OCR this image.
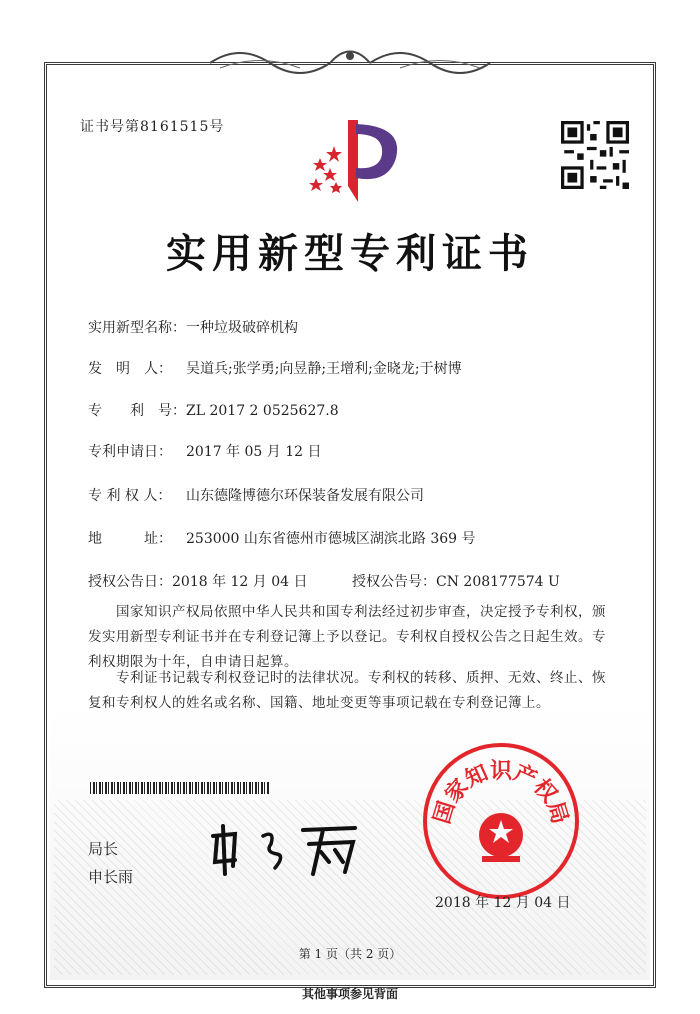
证书号第8161515号
实用新型专利证书
实用新型名称：一种垃圾破碎机构
发　明　人： 吴道兵;张学勇;向昱静;王增利;金晓龙;于树博
专　　利　号：ZL 2017 2 0525627.8
专利申请日： 2017 年 05 月 12 日
专 利 权 人： 山东德隆博德尔环保装备发展有限公司
地　　　址： 253000 山东省德州市德城区湖滨北路 369 号
授权公告日：2018 年 12 月 04 日	授权公告号：CN 208177574 U
国家知识产权局依照中华人民共和国专利法经过初步审查，决定授予专利权，颁发实用新型专利证书并在专利登记簿上予以登记。专利权自授权公告之日起生效。专利权期限为十年，自申请日起算。
专利证书记载专利权登记时的法律状况。专利权的转移、质押、无效、终止、恢复和专利权人的姓名或名称、国籍、地址变更等事项记载在专利登记簿上。
局长
申长雨
国家知识产权局
2018 年 12 月 04 日
第 1 页（共 2 页）
其他事项参见背面
